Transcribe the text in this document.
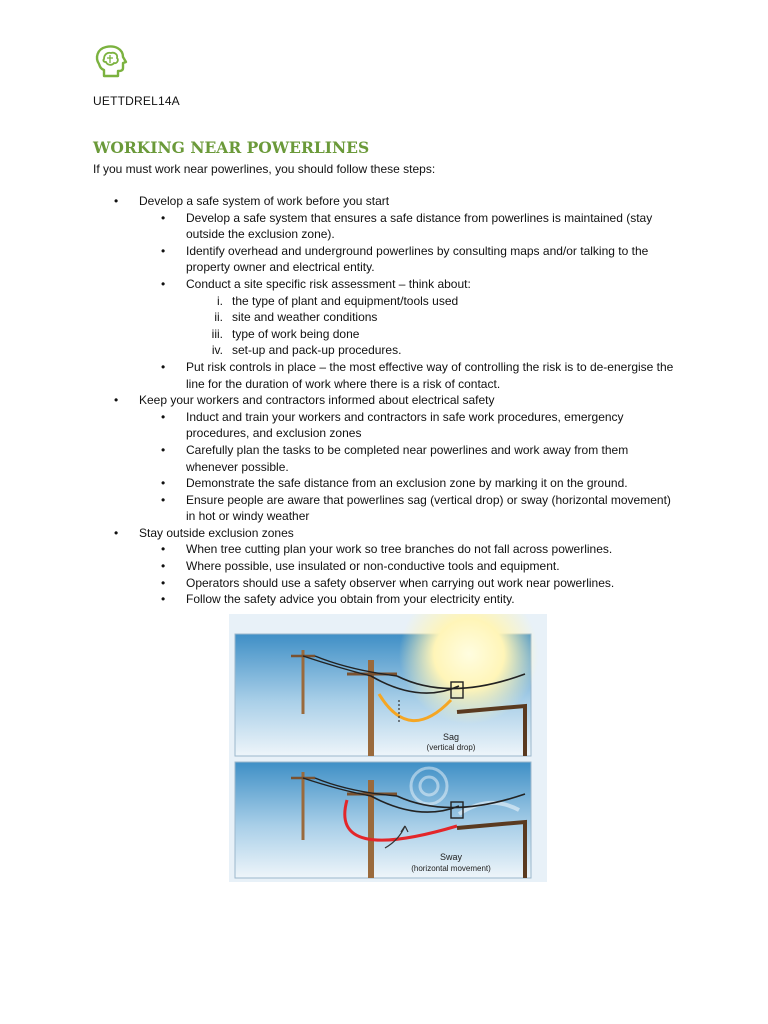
UETTDREL14A
WORKING NEAR POWERLINES
If you must work near powerlines, you should follow these steps:
• Develop a safe system of work before you start
• Develop a safe system that ensures a safe distance from powerlines is maintained (stay outside the exclusion zone).
• Identify overhead and underground powerlines by consulting maps and/or talking to the property owner and electrical entity.
• Conduct a site specific risk assessment – think about:
i. the type of plant and equipment/tools used
ii. site and weather conditions
iii. type of work being done
iv. set-up and pack-up procedures.
• Put risk controls in place – the most effective way of controlling the risk is to de-energise the line for the duration of work where there is a risk of contact.
• Keep your workers and contractors informed about electrical safety
• Induct and train your workers and contractors in safe work procedures, emergency procedures, and exclusion zones
• Carefully plan the tasks to be completed near powerlines and work away from them whenever possible.
• Demonstrate the safe distance from an exclusion zone by marking it on the ground.
• Ensure people are aware that powerlines sag (vertical drop) or sway (horizontal movement) in hot or windy weather
• Stay outside exclusion zones
• When tree cutting plan your work so tree branches do not fall across powerlines.
• Where possible, use insulated or non-conductive tools and equipment.
• Operators should use a safety observer when carrying out work near powerlines.
• Follow the safety advice you obtain from your electricity entity.
Sag
(vertical drop)
Sway
(horizontal movement)
